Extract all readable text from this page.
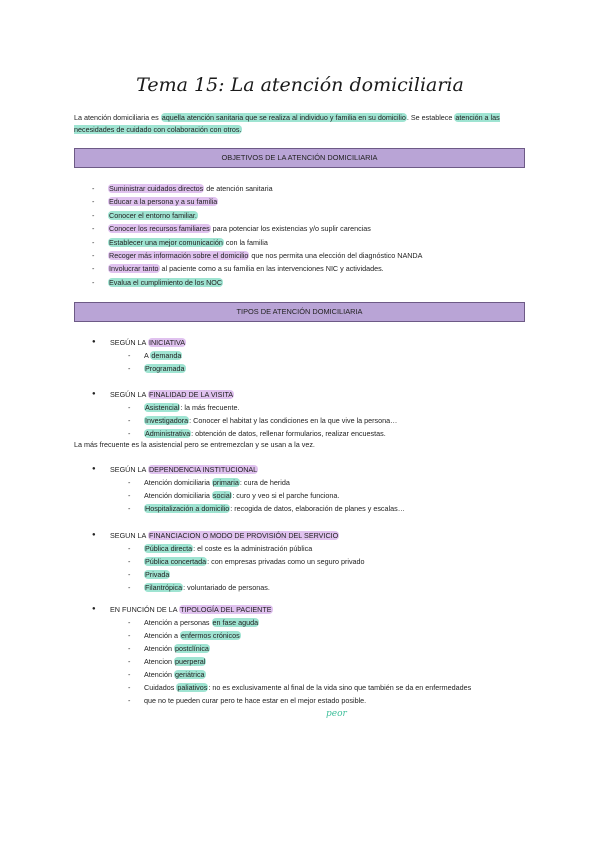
Tema 15: La atención domiciliaria
La atención domiciliaria es aquella atención sanitaria que se realiza al individuo y familia en su domicilio. Se establece atención a las necesidades de cuidado con colaboración con otros.
OBJETIVOS DE LA ATENCIÓN DOMICILIARIA
- Suministrar cuidados directos de atención sanitaria
- Educar a la persona y a su familia
- Conocer el entorno familiar.
- Conocer los recursos familiares para potenciar los existencias y/o suplir carencias
- Establecer una mejor comunicación con la familia
- Recoger más información sobre el domicilio que nos permita una elección del diagnóstico NANDA
- Involucrar tanto al paciente como a su familia en las intervenciones NIC y actividades.
- Evalua el cumplimiento de los NOC
TIPOS DE ATENCIÓN DOMICILIARIA
● SEGÚN LA INICIATIVA
- A demanda
- Programada
● SEGÚN LA FINALIDAD DE LA VISITA
- Asistencial: la más frecuente.
- Investigadora: Conocer el habitat y las condiciones en la que vive la persona…
- Administrativa: obtención de datos, rellenar formularios, realizar encuestas.
La más frecuente es la asistencial pero se entremezclan y se usan a la vez.
● SEGÚN LA DEPENDENCIA INSTITUCIONAL
- Atención domiciliaria primaria: cura de herida
- Atención domiciliaria social: curo y veo si el parche funciona.
- Hospitalización a domicilio: recogida de datos, elaboración de planes y escalas…
● SEGUN LA FINANCIACION O MODO DE PROVISIÓN DEL SERVICIO
- Pública directa: el coste es la administración pública
- Pública concertada: con empresas privadas como un seguro privado
- Privada
- Filantrópica: voluntariado de personas.
● EN FUNCIÓN DE LA TIPOLOGÍA DEL PACIENTE
- Atención a personas en fase aguda
- Atención a enfermos crónicos
- Atención postclínica
- Atencion puerperal
- Atención geriátrica
- Cuidados paliativos: no es exclusivamente al final de la vida sino que también se da en enfermedades
- que no te pueden curar pero te hace estar en el mejor estado posible.
peor
